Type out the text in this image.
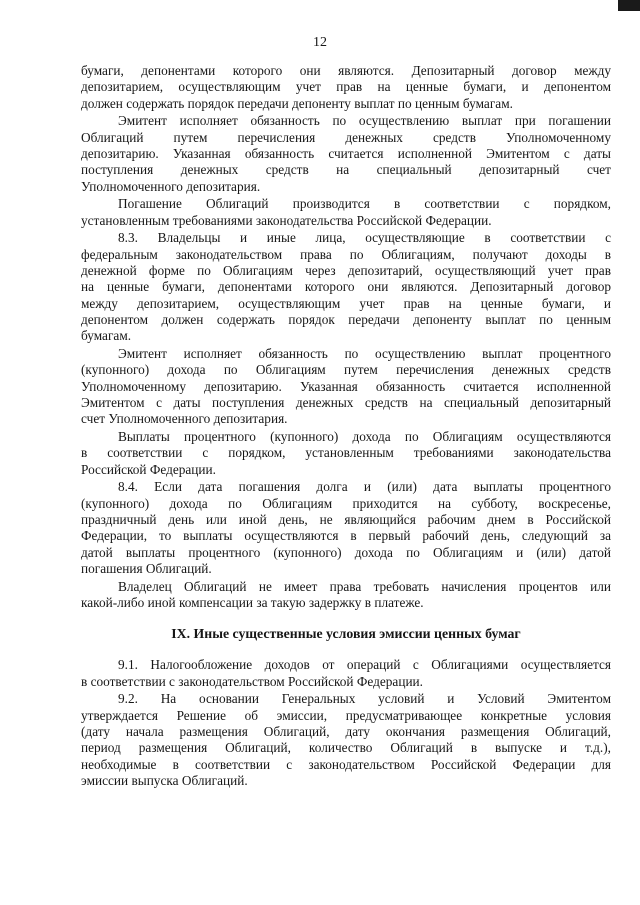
12
бумаги, депонентами которого они являются. Депозитарный договор между
депозитарием, осуществляющим учет прав на ценные бумаги, и депонентом
должен содержать порядок передачи депоненту выплат по ценным бумагам.
Эмитент исполняет обязанность по осуществлению выплат при погашении
Облигаций путем перечисления денежных средств Уполномоченному
депозитарию. Указанная обязанность считается исполненной Эмитентом с даты
поступления денежных средств на специальный депозитарный счет
Уполномоченного депозитария.
Погашение Облигаций производится в соответствии с порядком,
установленным требованиями законодательства Российской Федерации.
8.3. Владельцы и иные лица, осуществляющие в соответствии с
федеральным законодательством права по Облигациям, получают доходы в
денежной форме по Облигациям через депозитарий, осуществляющий учет прав
на ценные бумаги, депонентами которого они являются. Депозитарный договор
между депозитарием, осуществляющим учет прав на ценные бумаги, и
депонентом должен содержать порядок передачи депоненту выплат по ценным
бумагам.
Эмитент исполняет обязанность по осуществлению выплат процентного
(купонного) дохода по Облигациям путем перечисления денежных средств
Уполномоченному депозитарию. Указанная обязанность считается исполненной
Эмитентом с даты поступления денежных средств на специальный депозитарный
счет Уполномоченного депозитария.
Выплаты процентного (купонного) дохода по Облигациям осуществляются
в соответствии с порядком, установленным требованиями законодательства
Российской Федерации.
8.4. Если дата погашения долга и (или) дата выплаты процентного
(купонного) дохода по Облигациям приходится на субботу, воскресенье,
праздничный день или иной день, не являющийся рабочим днем в Российской
Федерации, то выплаты осуществляются в первый рабочий день, следующий за
датой выплаты процентного (купонного) дохода по Облигациям и (или) датой
погашения Облигаций.
Владелец Облигаций не имеет права требовать начисления процентов или
какой-либо иной компенсации за такую задержку в платеже.
IX. Иные существенные условия эмиссии ценных бумаг
9.1. Налогообложение доходов от операций с Облигациями осуществляется
в соответствии с законодательством Российской Федерации.
9.2. На основании Генеральных условий и Условий Эмитентом
утверждается Решение об эмиссии, предусматривающее конкретные условия
(дату начала размещения Облигаций, дату окончания размещения Облигаций,
период размещения Облигаций, количество Облигаций в выпуске и т.д.),
необходимые в соответствии с законодательством Российской Федерации для
эмиссии выпуска Облигаций.
